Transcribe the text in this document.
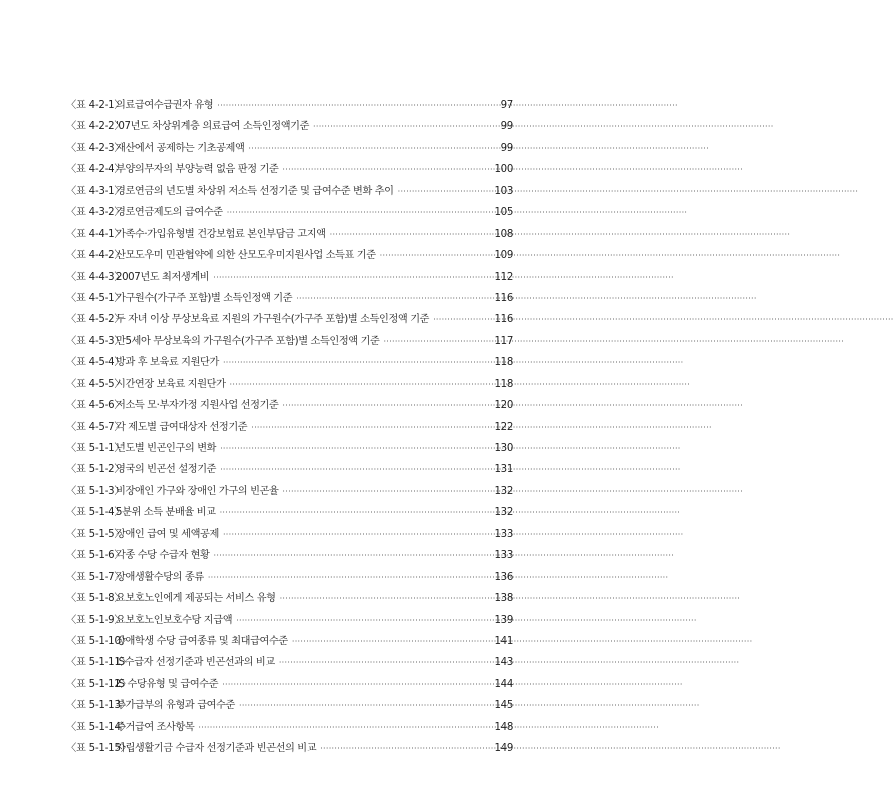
〈표 4-2-1〉
의료급여수급권자 유형 ·····	97
〈표 4-2-2〉
'07년도 차상위계층 의료급여 소득인정액기준 ·····	99
〈표 4-2-3〉
재산에서 공제하는 기초공제액 ·····	99
〈표 4-2-4〉
부양의무자의 부양능력 없음 판정 기준 ·····	100
〈표 4-3-1〉
경로연금의 년도별 차상위 저소득 선정기준 및 급여수준 변화 추이 ·····	103
〈표 4-3-2〉
경로연금제도의 급여수준 ·····	105
〈표 4-4-1〉
가족수·가입유형별 건강보험료 본인부담금 고지액 ·····	108
〈표 4-4-2〉
산모도우미 민관협약에 의한 산모도우미지원사업 소득표 기준 ·····	109
〈표 4-4-3〉
2007년도 최저생계비 ·····	112
〈표 4-5-1〉
가구원수(가구주 포함)별 소득인정액 기준 ·····	116
〈표 4-5-2〉
두 자녀 이상 무상보육료 지원의 가구원수(가구주 포함)별 소득인정액 기준 ·····	116
〈표 4-5-3〉
만5세아 무상보육의 가구원수(가구주 포함)별 소득인정액 기준 ·····	117
〈표 4-5-4〉
방과 후 보육료 지원단가 ·····	118
〈표 4-5-5〉
시간연장 보육료 지원단가 ·····	118
〈표 4-5-6〉
저소득 모·부자가정 지원사업 선정기준 ·····	120
〈표 4-5-7〉
각 제도별 급여대상자 선정기준 ·····	122
〈표 5-1-1〉
년도별 빈곤인구의 변화 ·····	130
〈표 5-1-2〉
영국의 빈곤선 설정기준 ·····	131
〈표 5-1-3〉
비장애인 가구와 장애인 가구의 빈곤율 ·····	132
〈표 5-1-4〉
5분위 소득 분배율 비교 ·····	132
〈표 5-1-5〉
장애인 급여 및 세액공제 ·····	133
〈표 5-1-6〉
각종 수당 수급자 현황 ·····	133
〈표 5-1-7〉
장애생활수당의 종류 ·····	136
〈표 5-1-8〉
요보호노인에게 제공되는 서비스 유형 ·····	138
〈표 5-1-9〉
요보호노인보호수당 지급액 ·····	139
〈표 5-1-10〉
장애학생 수당 급여종류 및 최대급여수준 ·····	141
〈표 5-1-11〉
IS수급자 선정기준과 빈곤선과의 비교 ·····	143
〈표 5-1-12〉
IS 수당유형 및 급여수준 ·····	144
〈표 5-1-13〉
부가급부의 유형과 급여수준 ·····	145
〈표 5-1-14〉
주거급여 조사항목 ·····	148
〈표 5-1-15〉
자립생활기금 수급자 선정기준과 빈곤선의 비교 ·····	149
